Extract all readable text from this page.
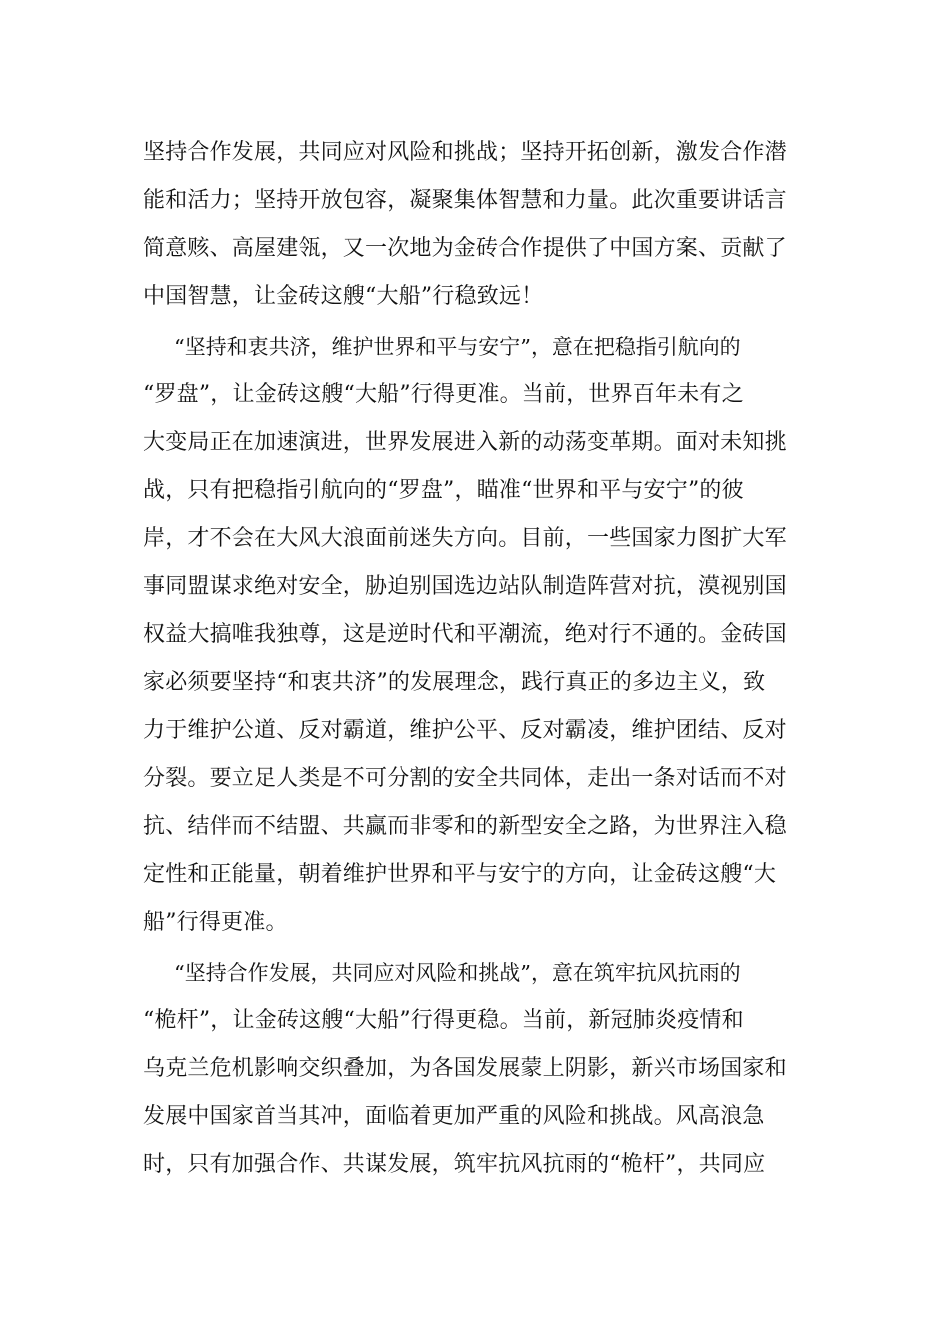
坚持合作发展，共同应对风险和挑战；坚持开拓创新，激发合作潜
能和活力；坚持开放包容，凝聚集体智慧和力量。此次重要讲话言
简意赅、高屋建瓴，又一次地为金砖合作提供了中国方案、贡献了
中国智慧，让金砖这艘“大船”行稳致远！
“坚持和衷共济，维护世界和平与安宁”，意在把稳指引航向的
“罗盘”，让金砖这艘“大船”行得更准。当前，世界百年未有之
大变局正在加速演进，世界发展进入新的动荡变革期。面对未知挑
战，只有把稳指引航向的“罗盘”，瞄准“世界和平与安宁”的彼
岸，才不会在大风大浪面前迷失方向。目前，一些国家力图扩大军
事同盟谋求绝对安全，胁迫别国选边站队制造阵营对抗，漠视别国
权益大搞唯我独尊，这是逆时代和平潮流，绝对行不通的。金砖国
家必须要坚持“和衷共济”的发展理念，践行真正的多边主义，致
力于维护公道、反对霸道，维护公平、反对霸凌，维护团结、反对
分裂。要立足人类是不可分割的安全共同体，走出一条对话而不对
抗、结伴而不结盟、共赢而非零和的新型安全之路，为世界注入稳
定性和正能量，朝着维护世界和平与安宁的方向，让金砖这艘“大
船”行得更准。
“坚持合作发展，共同应对风险和挑战”，意在筑牢抗风抗雨的
“桅杆”，让金砖这艘“大船”行得更稳。当前，新冠肺炎疫情和
乌克兰危机影响交织叠加，为各国发展蒙上阴影，新兴市场国家和
发展中国家首当其冲，面临着更加严重的风险和挑战。风高浪急
时，只有加强合作、共谋发展，筑牢抗风抗雨的“桅杆”，共同应
